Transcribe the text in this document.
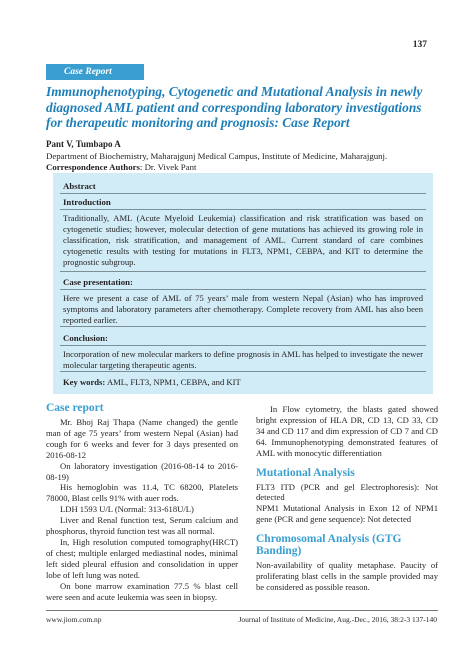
137
Case Report
Immunophenotyping, Cytogenetic and Mutational Analysis in newly diagnosed AML patient and corresponding laboratory investigations for therapeutic monitoring and prognosis: Case Report
Pant V, Tumbapo A
Department of Biochemistry, Maharajgunj Medical Campus, Institute of Medicine, Maharajgunj.
Correspondence Authors: Dr. Vivek Pant
Abstract
Introduction
Traditionally, AML (Acute Myeloid Leukemia) classification and risk stratification was based on cytogenetic studies; however, molecular detection of gene mutations has achieved its growing role in classification, risk stratification, and management of AML. Current standard of care combines cytogenetic results with testing for mutations in FLT3, NPM1, CEBPA, and KIT to determine the prognostic subgroup.
Case presentation:
Here we present a case of AML of 75 years’ male from western Nepal (Asian) who has improved symptoms and laboratory parameters after chemotherapy. Complete recovery from AML has also been reported earlier.
Conclusion:
Incorporation of new molecular markers to define prognosis in AML has helped to investigate the newer molecular targeting therapeutic agents.
Key words: AML, FLT3, NPM1, CEBPA, and KIT
Case report

Mr. Bhoj Raj Thapa (Name changed) the gentle man of age 75 years’ from western Nepal (Asian) had cough for 6 weeks and fever for 3 days presented on 2016-08-12

On laboratory investigation (2016-08-14 to 2016-08-19)

His hemoglobin was 11.4, TC 68200, Platelets 78000, Blast cells 91% with auer rods.

LDH 1593 U/L (Normal: 313-618U/L)

Liver and Renal function test, Serum calcium and phosphorus, thyroid function test was all normal.

In, High resolution computed tomography(HRCT) of chest; multiple enlarged mediastinal nodes, minimal left sided pleural effusion and consolidation in upper lobe of left lung was noted.

On bone marrow examination 77.5 % blast cell were seen and acute leukemia was seen in biopsy.

In Flow cytometry, the blasts gated showed bright expression of HLA DR, CD 13, CD 33, CD 34 and CD 117 and dim expression of CD 7 and CD 64. Immunophenotyping demonstrated features of AML with monocytic differentiation

Mutational Analysis

FLT3 ITD (PCR and gel Electrophoresis): Not detected

NPM1 Mutational Analysis in Exon 12 of NPM1 gene (PCR and gene sequence): Not detected

Chromosomal Analysis (GTG Banding)

Non-availability of quality metaphase. Paucity of proliferating blast cells in the sample provided may be considered as possible reason.

www.jiom.com.np	Journal of Institute of Medicine, Aug.-Dec., 2016, 38:2-3 137-140
